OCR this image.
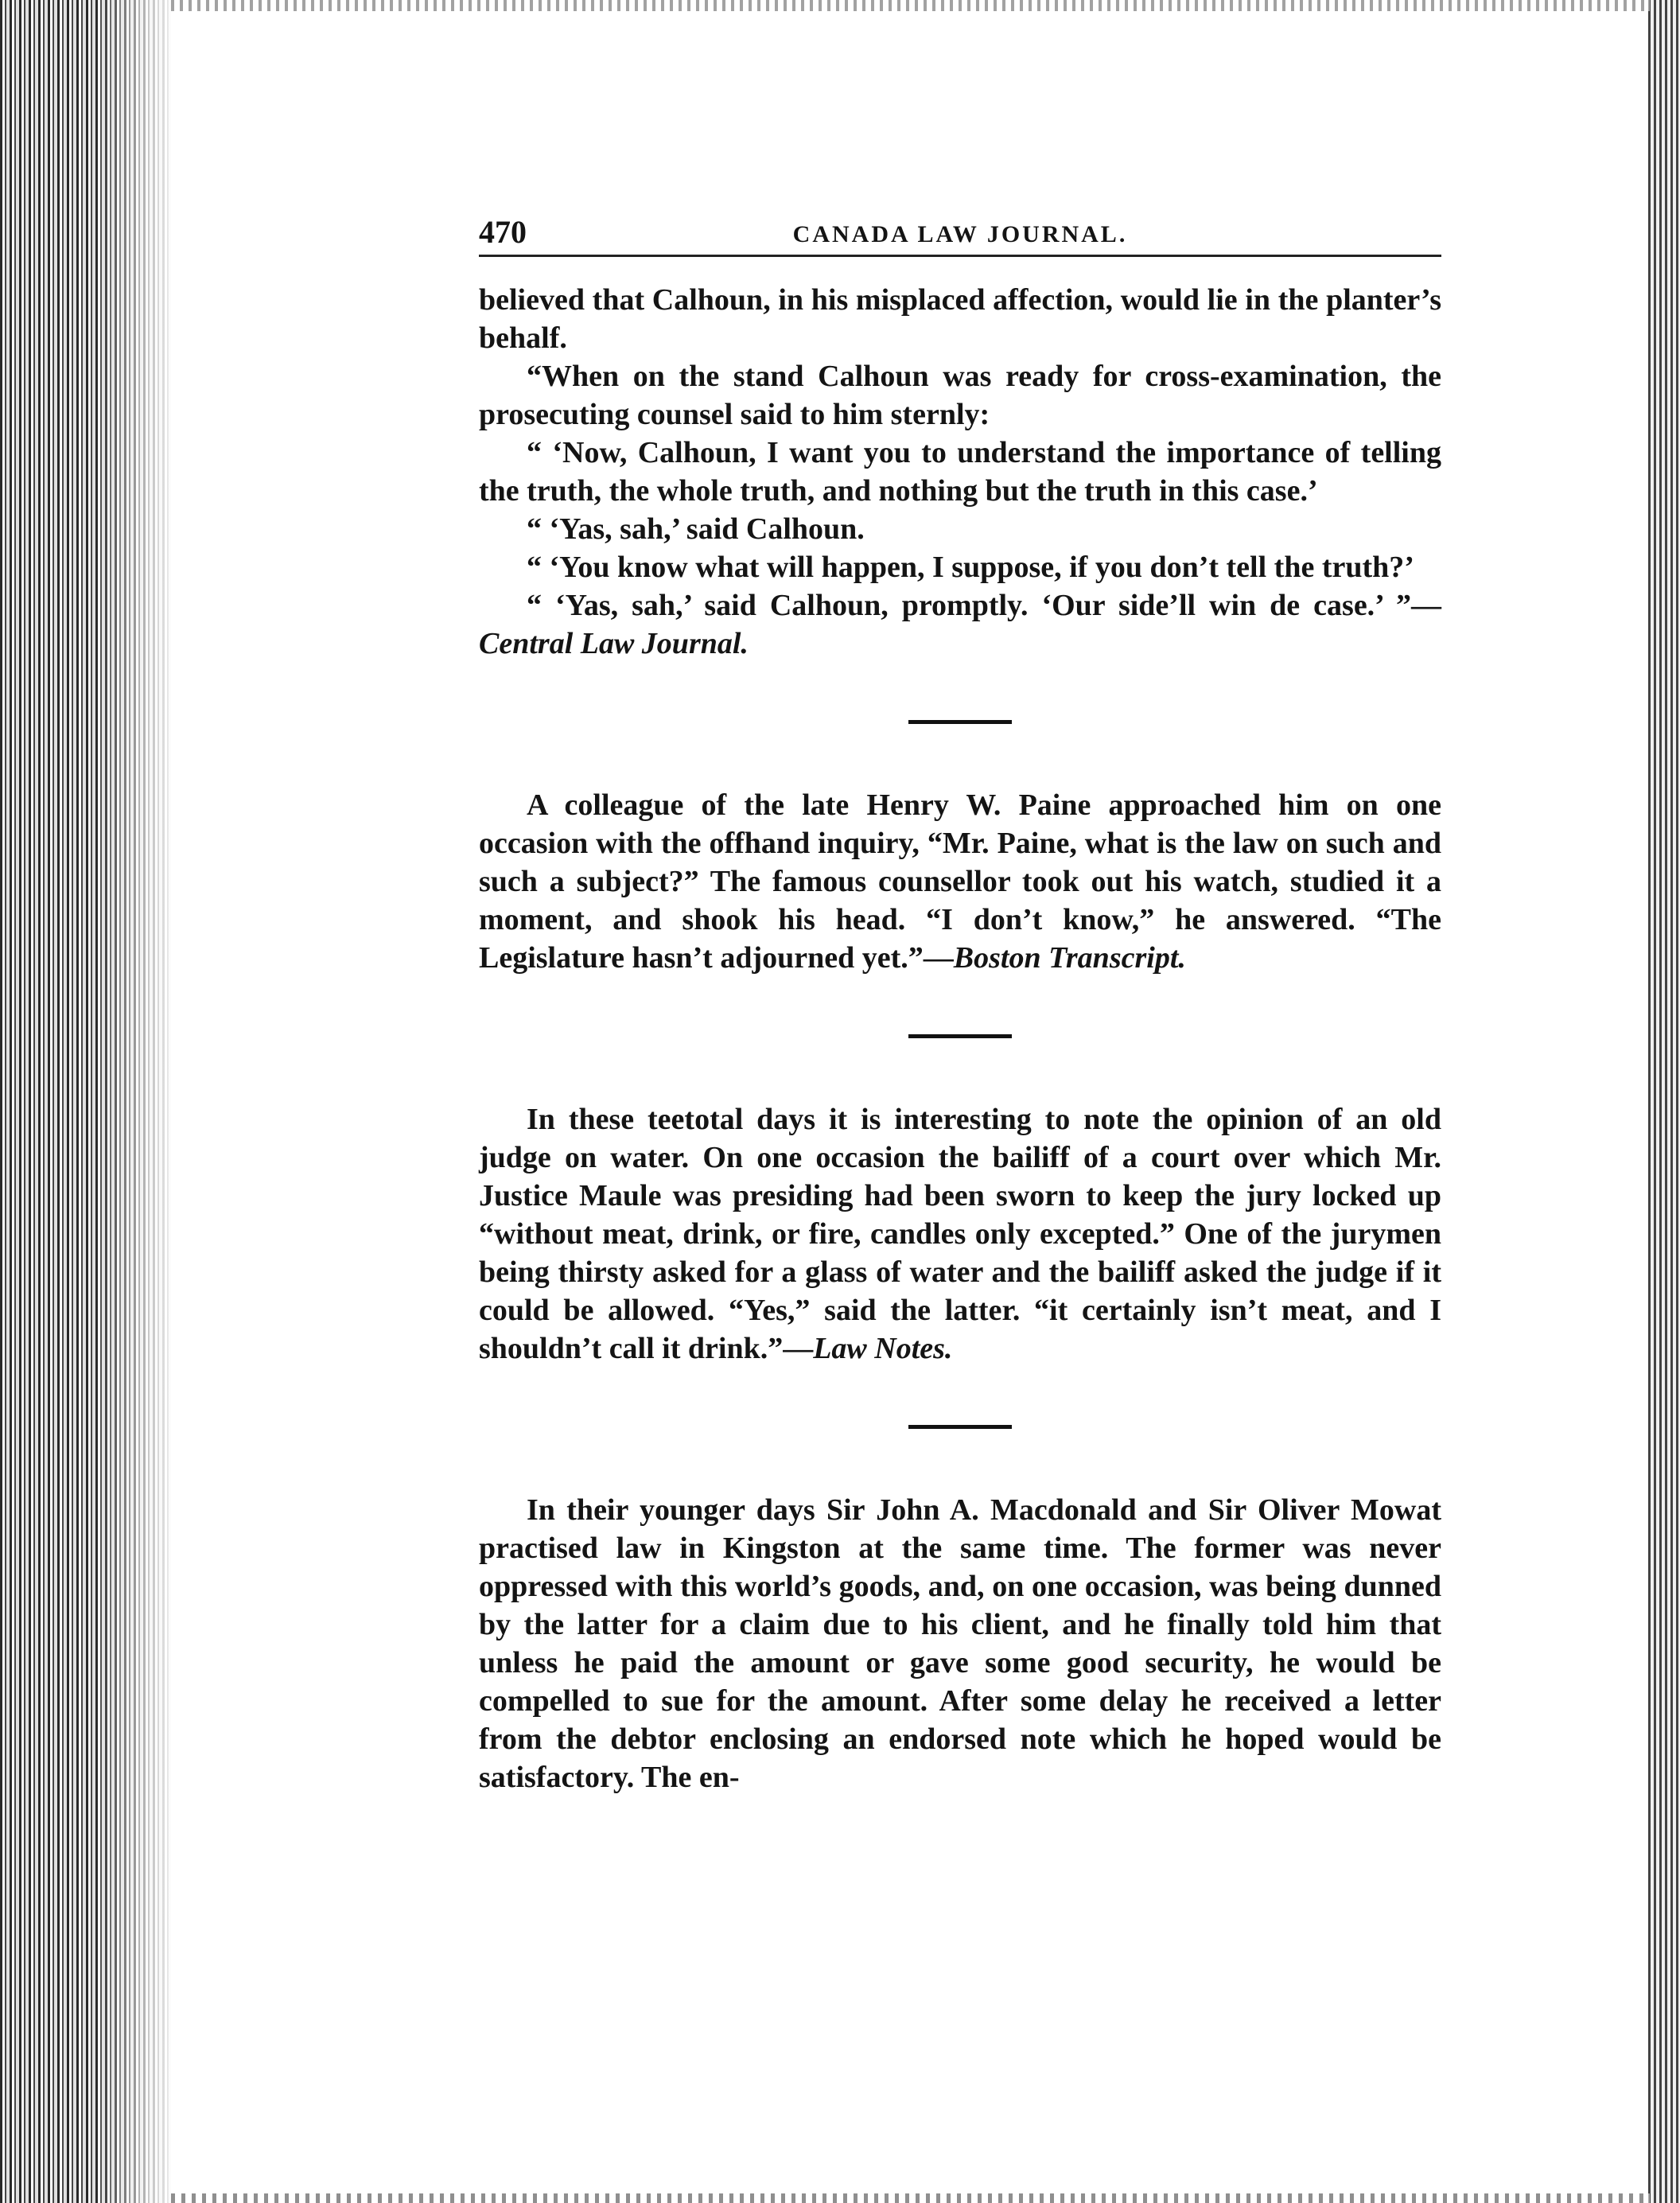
470	CANADA LAW JOURNAL.

believed that Calhoun, in his misplaced affection, would lie in the planter’s behalf.

“When on the stand Calhoun was ready for cross-examination, the prosecuting counsel said to him sternly:

“ ‘Now, Calhoun, I want you to understand the importance of telling the truth, the whole truth, and nothing but the truth in this case.’

“ ‘Yas, sah,’ said Calhoun.

“ ‘You know what will happen, I suppose, if you don’t tell the truth?’

“ ‘Yas, sah,’ said Calhoun, promptly. ‘Our side’ll win de case.’ ”—Central Law Journal.

A colleague of the late Henry W. Paine approached him on one occasion with the offhand inquiry, “Mr. Paine, what is the law on such and such a subject?” The famous counsellor took out his watch, studied it a moment, and shook his head. “I don’t know,” he answered. “The Legislature hasn’t adjourned yet.”—Boston Transcript.

In these teetotal days it is interesting to note the opinion of an old judge on water. On one occasion the bailiff of a court over which Mr. Justice Maule was presiding had been sworn to keep the jury locked up “without meat, drink, or fire, candles only excepted.” One of the jurymen being thirsty asked for a glass of water and the bailiff asked the judge if it could be allowed. “Yes,” said the latter. “it certainly isn’t meat, and I shouldn’t call it drink.”—Law Notes.

In their younger days Sir John A. Macdonald and Sir Oliver Mowat practised law in Kingston at the same time. The former was never oppressed with this world’s goods, and, on one occasion, was being dunned by the latter for a claim due to his client, and he finally told him that unless he paid the amount or gave some good security, he would be compelled to sue for the amount. After some delay he received a letter from the debtor enclosing an endorsed note which he hoped would be satisfactory. The en-
